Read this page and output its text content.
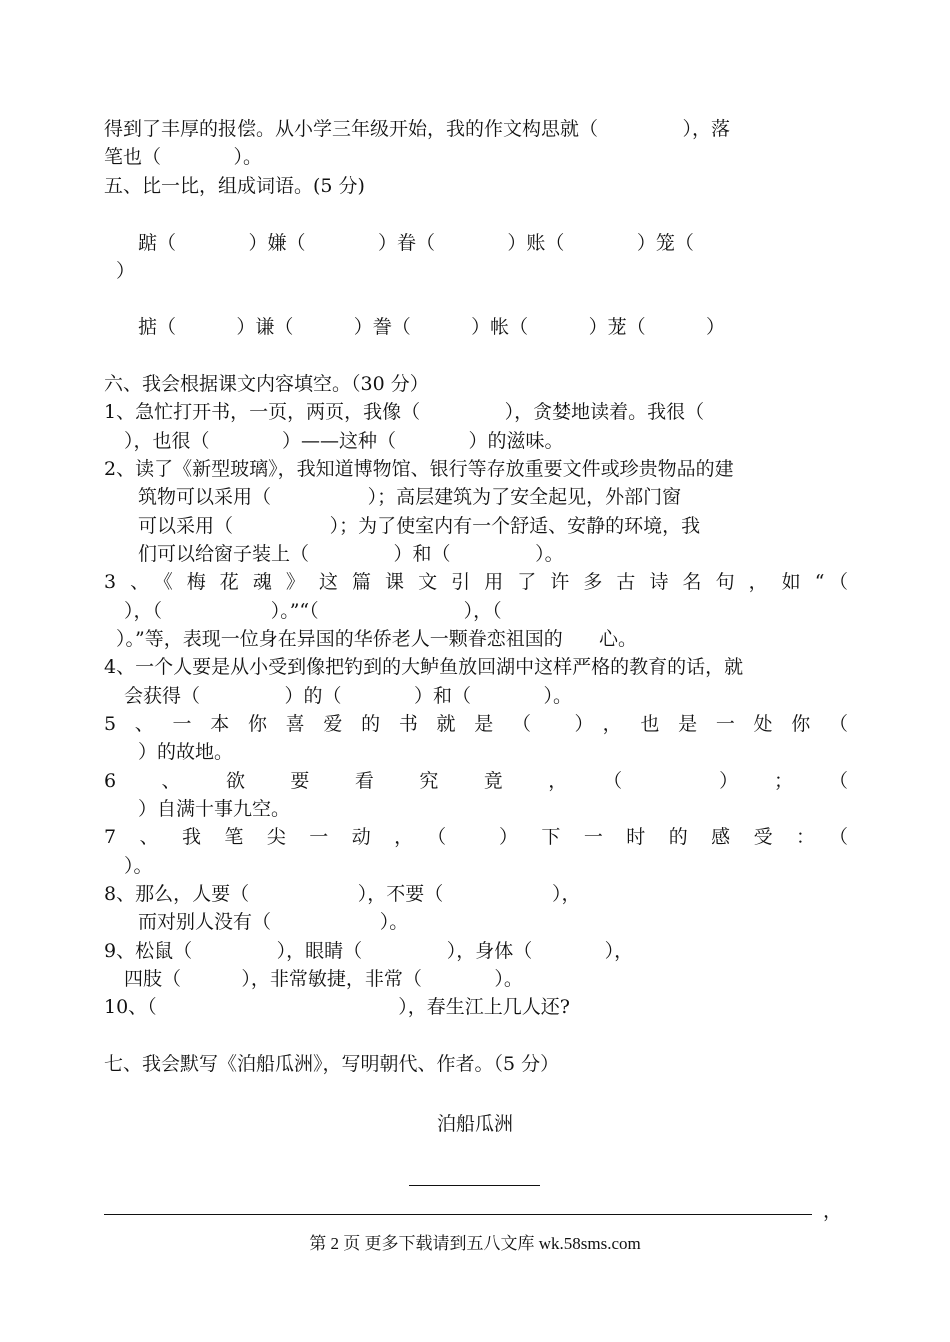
得到了丰厚的报偿。从小学三年级开始，我的作文构思就（              ），落
笔也（            ）。
五、比一比，组成词语。(5 分)
踮（            ）嫌（            ）眷（            ）账（            ）笼（
）
掂（          ）谦（          ）誊（          ）帐（          ）茏（          ）
六、我会根据课文内容填空。（30 分）
1、急忙打开书，一页，两页，我像（              ），贪婪地读着。我很（
），也很（            ）——这种（            ）的滋味。
2、读了《新型玻璃》，我知道博物馆、银行等存放重要文件或珍贵物品的建
筑物可以采用（                ）；高层建筑为了安全起见，外部门窗
可以采用（                ）；为了使室内有一个舒适、安静的环境，我
们可以给窗子装上（              ）和（              ）。
3、《梅花魂》这篇课文引用了许多古诗名句，如“（
），（                  ）。”“（                        ），（
）。”等，表现一位身在异国的华侨老人一颗眷恋祖国的      心。
4、一个人要是从小受到像把钓到的大鲈鱼放回湖中这样严格的教育的话，就
会获得（              ）的（            ）和（            ）。
5、一本你喜爱的书就是（ ），也是一处你（
）的故地。
6、欲要看究竟，（ ）；（
）自满十事九空。
7、我笔尖一动，（ ）下一时的感受：（
）。
8、那么，人要（                  ），不要（                  ），
而对别人没有（                  ）。
9、松鼠（              ），眼睛（              ），身体（            ），
四肢（          ），非常敏捷，非常（            ）。
10、（                                        ），春生江上几人还?
七、我会默写《泊船瓜洲》，写明朝代、作者。（5 分）
泊船瓜洲
，
第 2 页 更多下载请到五八文库 wk.58sms.com
